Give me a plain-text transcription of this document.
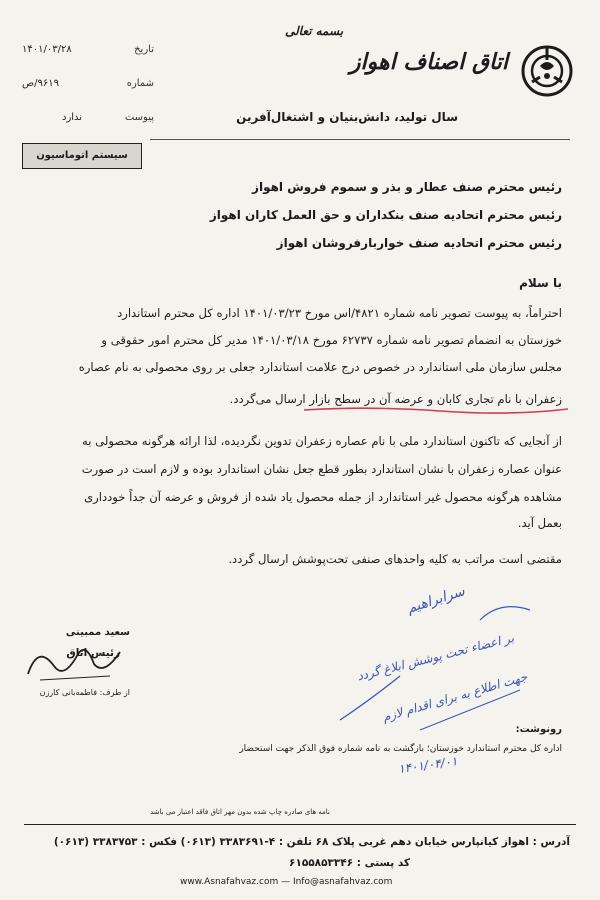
بسمه تعالی
اتاق اصناف اهواز
سال تولید، دانش‌بنیان و اشتغال‌آفرین
تاریخ
۱۴۰۱/۰۳/۲۸
شماره
۹۶۱۹/ص
پیوست
ندارد
سیستم اتوماسیون
رئیس محترم صنف عطار و بذر و سموم فروش اهواز
رئیس محترم اتحادیه صنف بنکداران و حق العمل کاران اهواز
رئیس محترم اتحادیه صنف خواربارفروشان اهواز
با سلام
احتراماً، به پیوست تصویر نامه شماره ۴۸۲۱/اس مورخ ۱۴۰۱/۰۳/۲۳ اداره کل محترم استاندارد
خوزستان به انضمام تصویر نامه شماره ۶۲۷۳۷ مورخ ۱۴۰۱/۰۳/۱۸ مدیر کل محترم امور حقوقی و
مجلس سازمان ملی استاندارد در خصوص درج علامت استاندارد جعلی بر روی محصولی به نام عصاره
زعفران با نام تجاری کابان و عرضه آن در سطح بازار ارسال می‌گردد.
از آنجایی که تاکنون استاندارد ملی با نام عصاره زعفران تدوین نگردیده، لذا ارائه هرگونه محصولی به
عنوان عصاره زعفران با نشان استاندارد بطور قطع جعل نشان استاندارد بوده و لازم است در صورت
مشاهده هرگونه محصول غیر استاندارد از جمله محصول یاد شده از فروش و عرضه آن جداً خودداری
بعمل آید.
مقتضی است مراتب به کلیه واحدهای صنفی تحت‌پوشش ارسال گردد.
سعید ممبینی
رئیس اتاق
از طرف: فاطمه‌بانی کارزن
سرابراهیم
بر اعضاء تحت پوشش ابلاغ گردد
جهت اطلاع به برای اقدام لازم
۱۴۰۱/۰۴/۰۱
رونوشت:
اداره کل محترم استاندارد خوزستان؛ بازگشت به نامه شماره فوق الذکر جهت استحضار
نامه های صادره چاپ شده بدون مهر اتاق فاقد اعتبار می باشد
آدرس : اهواز کیانپارس خیابان دهم غربی پلاک ۶۸ تلفن : ۴-۳۳۸۳۶۹۱ (۰۶۱۳) فکس : ۳۳۸۳۷۵۳ (۰۶۱۳)
کد پستی : ۶۱۵۵۸۵۳۳۴۶
www.Asnafahvaz.com — Info@asnafahvaz.com
